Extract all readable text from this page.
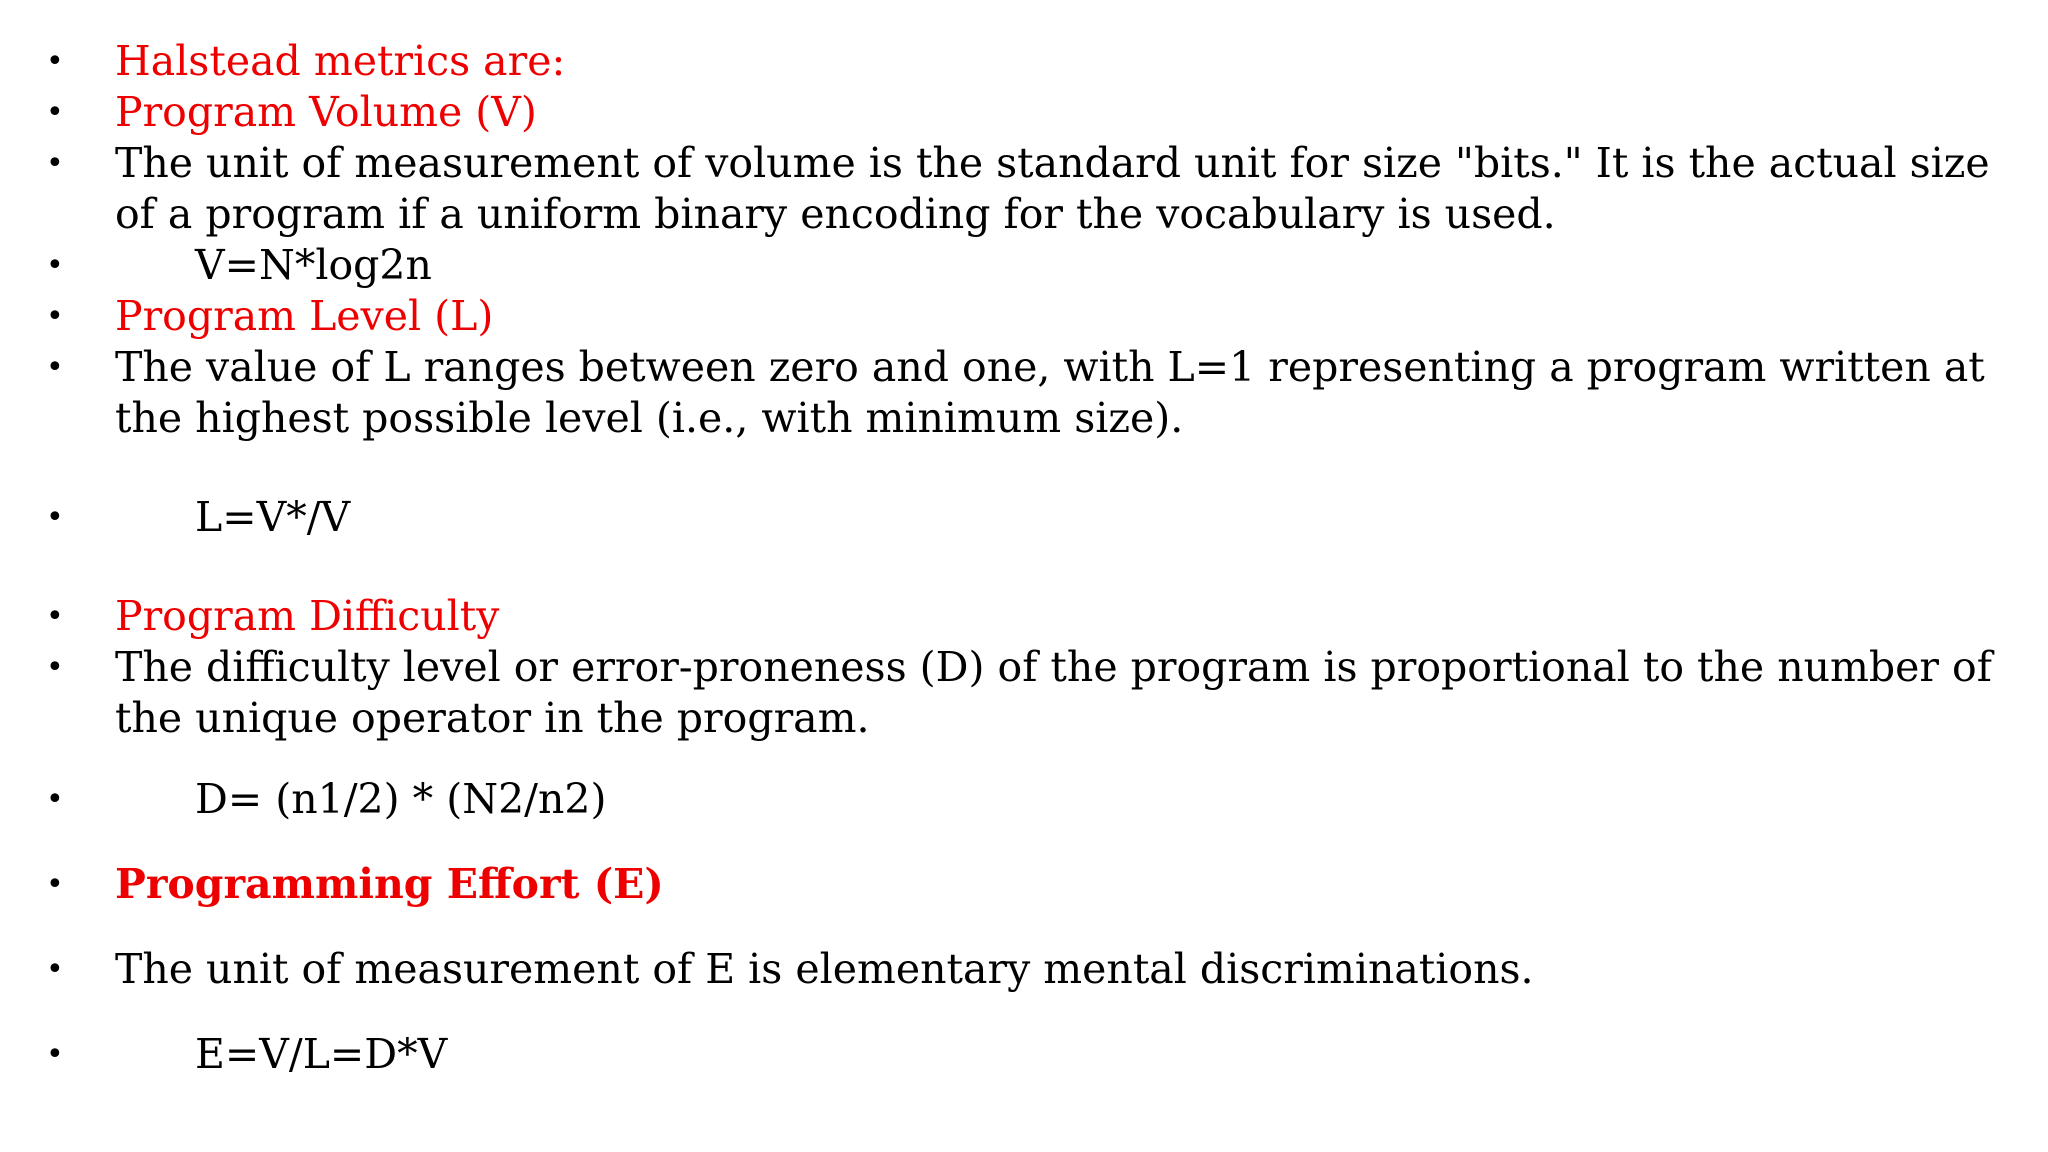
• Halstead metrics are:
• Program Volume (V)
• The unit of measurement of volume is the standard unit for size "bits." It is the actual size of a program if a uniform binary encoding for the vocabulary is used.
•	V=N*log2n
• Program Level (L)
• The value of L ranges between zero and one, with L=1 representing a program written at the highest possible level (i.e., with minimum size).
•	L=V*/V
• Program Difficulty
• The difficulty level or error-proneness (D) of the program is proportional to the number of the unique operator in the program.
•	D= (n1/2) * (N2/n2)
• Programming Effort (E)
• The unit of measurement of E is elementary mental discriminations.
•	E=V/L=D*V
